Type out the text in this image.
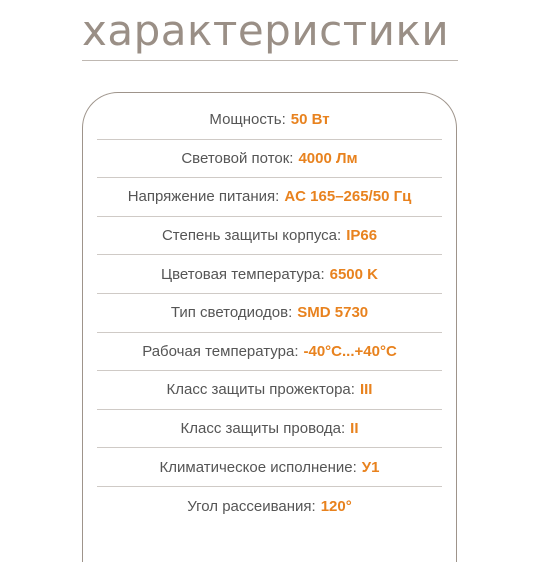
характеристики
Мощность: 50 Вт
Световой поток: 4000 Лм
Напряжение питания: AC 165–265/50 Гц
Степень защиты корпуса: IP66
Цветовая температура: 6500 K
Тип светодиодов: SMD 5730
Рабочая температура: -40°C...+40°C
Класс защиты прожектора: III
Класс защиты провода: II
Климатическое исполнение: У1
Угол рассеивания: 120°
